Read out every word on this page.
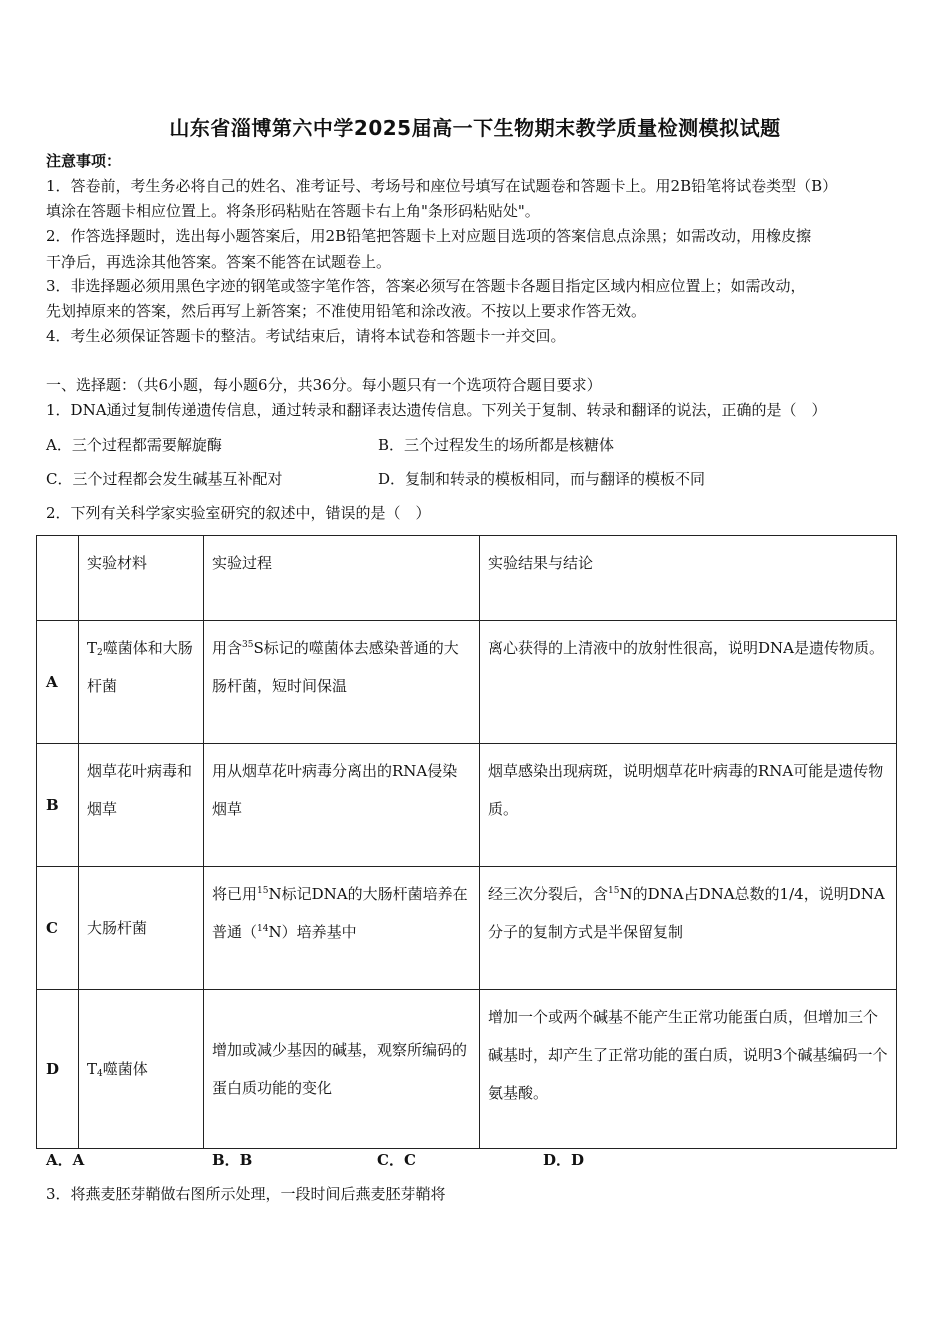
山东省淄博第六中学2025届高一下生物期末教学质量检测模拟试题
注意事项：
1．答卷前，考生务必将自己的姓名、准考证号、考场号和座位号填写在试题卷和答题卡上。用2B铅笔将试卷类型（B）
填涂在答题卡相应位置上。将条形码粘贴在答题卡右上角"条形码粘贴处"。
2．作答选择题时，选出每小题答案后，用2B铅笔把答题卡上对应题目选项的答案信息点涂黑；如需改动，用橡皮擦
干净后，再选涂其他答案。答案不能答在试题卷上。
3．非选择题必须用黑色字迹的钢笔或签字笔作答，答案必须写在答题卡各题目指定区域内相应位置上；如需改动，
先划掉原来的答案，然后再写上新答案；不准使用铅笔和涂改液。不按以上要求作答无效。
4．考生必须保证答题卡的整洁。考试结束后，请将本试卷和答题卡一并交回。
一、选择题：（共6小题，每小题6分，共36分。每小题只有一个选项符合题目要求）
1．DNA通过复制传递遗传信息，通过转录和翻译表达遗传信息。下列关于复制、转录和翻译的说法，正确的是（　）
A．三个过程都需要解旋酶	B．三个过程发生的场所都是核糖体
C．三个过程都会发生碱基互补配对	D．复制和转录的模板相同，而与翻译的模板不同
2．下列有关科学家实验室研究的叙述中，错误的是（　）
	实验材料	实验过程	实验结果与结论
A	$T_2$噬菌体和大肠杆菌	用含$^{35}$S标记的噬菌体去感染普通的大肠杆菌，短时间保温	离心获得的上清液中的放射性很高，说明DNA是遗传物质。
B	烟草花叶病毒和烟草	用从烟草花叶病毒分离出的RNA侵染烟草	烟草感染出现病斑，说明烟草花叶病毒的RNA可能是遗传物质。
C	大肠杆菌	将已用$^{15}$N标记DNA的大肠杆菌培养在普通（$^{14}$N）培养基中	经三次分裂后，含$^{15}$N的DNA占DNA总数的1/4，说明DNA分子的复制方式是半保留复制
D	$T_4$噬菌体	增加或减少基因的碱基，观察所编码的蛋白质功能的变化	增加一个或两个碱基不能产生正常功能蛋白质，但增加三个碱基时，却产生了正常功能的蛋白质，说明3个碱基编码一个氨基酸。
A．A	B．B	C．C	D．D
3．将燕麦胚芽鞘做右图所示处理，一段时间后燕麦胚芽鞘将
